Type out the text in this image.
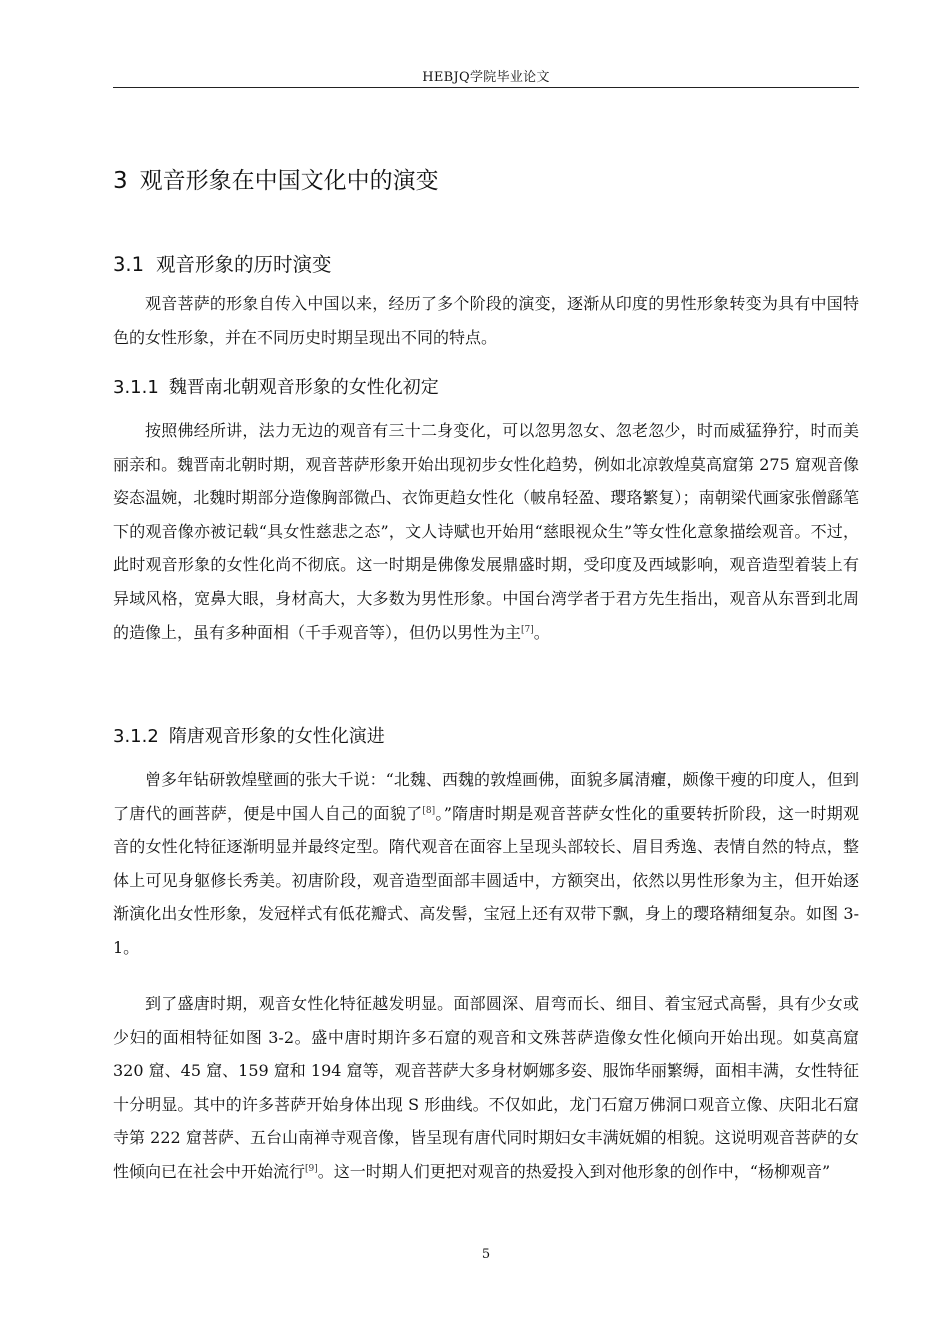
HEBJQ学院毕业论文
3 观音形象在中国文化中的演变
3.1 观音形象的历时演变

观音菩萨的形象自传入中国以来，经历了多个阶段的演变，逐渐从印度的男性形象转变为具有中国特色的女性形象，并在不同历史时期呈现出不同的特点。

3.1.1 魏晋南北朝观音形象的女性化初定

按照佛经所讲，法力无边的观音有三十二身变化，可以忽男忽女、忽老忽少，时而威猛狰狞，时而美丽亲和。魏晋南北朝时期，观音菩萨形象开始出现初步女性化趋势，例如北凉敦煌莫高窟第 275 窟观音像姿态温婉，北魏时期部分造像胸部微凸、衣饰更趋女性化（帔帛轻盈、璎珞繁复）；南朝梁代画家张僧繇笔下的观音像亦被记载“具女性慈悲之态”，文人诗赋也开始用“慈眼视众生”等女性化意象描绘观音。不过，此时观音形象的女性化尚不彻底。这一时期是佛像发展鼎盛时期，受印度及西域影响，观音造型着装上有异域风格，宽鼻大眼，身材高大，大多数为男性形象。中国台湾学者于君方先生指出，观音从东晋到北周的造像上，虽有多种面相（千手观音等），但仍以男性为主[7]。

3.1.2 隋唐观音形象的女性化演进

曾多年钻研敦煌壁画的张大千说：“北魏、西魏的敦煌画佛，面貌多属清癯，颇像干瘦的印度人，但到了唐代的画菩萨，便是中国人自己的面貌了[8]。”隋唐时期是观音菩萨女性化的重要转折阶段，这一时期观音的女性化特征逐渐明显并最终定型。隋代观音在面容上呈现头部较长、眉目秀逸、表情自然的特点，整体上可见身躯修长秀美。初唐阶段，观音造型面部丰圆适中，方额突出，依然以男性形象为主，但开始逐渐演化出女性形象，发冠样式有低花瓣式、高发髻，宝冠上还有双带下飘，身上的璎珞精细复杂。如图 3-1。

到了盛唐时期，观音女性化特征越发明显。面部圆深、眉弯而长、细目、着宝冠式高髻，具有少女或少妇的面相特征如图 3-2。盛中唐时期许多石窟的观音和文殊菩萨造像女性化倾向开始出现。如莫高窟 320 窟、45 窟、159 窟和 194 窟等，观音菩萨大多身材婀娜多姿、服饰华丽繁缛，面相丰满，女性特征十分明显。其中的许多菩萨开始身体出现 S 形曲线。不仅如此，龙门石窟万佛洞口观音立像、庆阳北石窟寺第 222 窟菩萨、五台山南禅寺观音像，皆呈现有唐代同时期妇女丰满妩媚的相貌。这说明观音菩萨的女性倾向已在社会中开始流行[9]。这一时期人们更把对观音的热爱投入到对他形象的创作中，“杨柳观音”

5
